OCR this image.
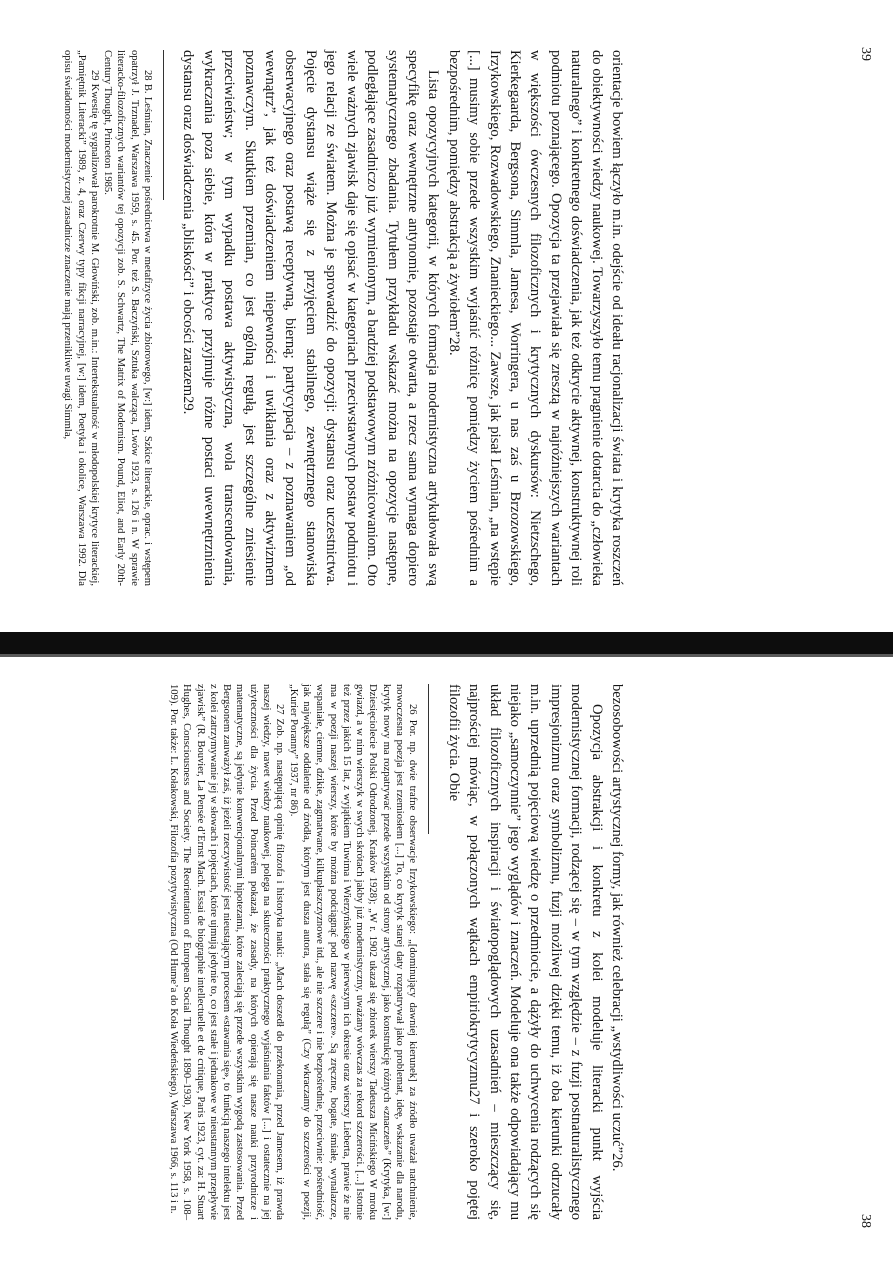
orientacje bowiem łączyło m.in. odejście od ideału racjonalizacji świata i krytyka roszczeń do obiektywności wiedzy naukowej. Towarzyszyło temu pragnienie dotarcia do „człowieka naturalnego” i konkretnego doświadczenia, jak też odkrycie aktywnej, konstruktywnej roli podmiotu poznającego. Opozycja ta przejawiała się zresztą w najróżniejszych wariantach w większości ówczesnych filozoficznych i krytycznych dyskursów: Nietzschego, Kierkegaarda, Bergsona, Simmla, Jamesa, Worringera, u nas zaś u Brzozowskiego, Irzykowskiego, Rozwadowskiego, Znanieckiego... Zawsze, jak pisał Leśmian, „na wstępie [...] musimy sobie przede wszystkim wyjaśnić różnicę pomiędzy życiem pośrednim a bezpośrednim, pomiędzy abstrakcją a żywiołem”28.

Lista opozycyjnych kategorii, w których formacja modernistyczna artykułowała swą specyfikę oraz wewnętrzne antynomie, pozostaje otwarta, a rzecz sama wymaga dopiero systematycznego zbadania. Tytułem przykładu wskazać można na opozycje następne, podległające zasadniczo już wymienionym, a bardziej podstawowym zróżnicowaniom. Oto wiele ważnych zjawisk daje się opisać w kategoriach przeciwstawnych postaw podmiotu i jego relacji ze światem. Można je sprowadzić do opozycji: dystansu oraz uczestnictwa. Pojęcie dystansu wiąże się z przyjęciem stabilnego, zewnętrznego stanowiska obserwacyjnego oraz postawą receptywną, bierną; partycypacja – z poznawaniem „od wewnątrz”, jak też doświadczeniem niepewności i uwikłania oraz z aktywizmem poznawczym. Skutkiem przemian, co jest ogólną regułą, jest szczególne zniesienie przeciwieństw; w tym wypadku postawa aktywistyczna, wola transcendowania, wykraczania poza siebie, która w praktyce przyjmuje różne postaci uwewnętrznienia dystansu oraz doświadczenia „bliskości” i obcości zarazem29.

28 B. Leśmian, Znaczenie pośrednictwa w metafizyce życia zbiorowego, [w:] idem, Szkice literackie, oprac. i wstępem opatrzył J. Trznadel, Warszawa 1959, s. 45. Por. też S. Baczyński, Sztuka walcząca, Lwów 1923, s. 126 i n. W sprawie literacko-filozoficznych wariantów tej opozycji zob. S. Schwartz, The Matrix of Modernism. Pound, Eliot, and Early 20th-Century Thought, Princeton 1985.

29 Kwestię tę sygnalizował parokrotnie M. Głowiński, zob. m.in.: Intertekstualność w młodopolskiej krytyce literackiej, „Pamiętnik Literacki” 1989, z. 4, oraz Czerwy typy fikcji narracyjnej, [w:] idem, Poetyka i okolice, Warszawa 1992. Dla opisu świadomości modernistycznej zasadnicze znaczenie mają przenikliwe uwagi Simmla,

bezosobowości artystycznej formy, jak również celebracji „wstydliwości uczuć”26.

Opozycja abstrakcji i konkretu z kolei modeluje literacki punkt wyjścia modernistycznej formacji, rodzącej się – w tym względzie – z fuzji postnaturalistycznego impresjonizmu oraz symbolizmu, fuzji możliwej dzięki temu, iż oba kierunki odrzucały m.in. uprzednią pojęciową wiedzę o przedmiocie, a dążyły do uchwycenia rodzących się niejako „samoczynnie” jego wyglądów i znaczeń. Modeluje ona także odpowiadający mu układ filozoficznych inspiracji i światopoglądowych uzasadnień – mieszczący się, najprościej mówiąc, w połączonych wątkach empiriokrytycyzmu27 i szeroko pojętej filozofii życia. Obie

26 Por. np. dwie trafne obserwacje Irzykowskiego: „[dominujący dawniej kierunek] za źródło uważał natchnienie, nowoczesna poezja jest rzemiosłem [...] To, co krytyk starej daty rozpatrywał jako problemat, ideę, wskazanie dla narodu, krytyk nowy ma rozpatrywać przede wszystkim od strony artystycznej, jako konstrukcję różnych «znaczeń»” (Krytyka, [w:] Dziesięciolecie Polski Odrodzonej, Kraków 1928); „W r. 1902 ukazał się zbiorek wierszy Tadeusza Micińskiego W mroku gwiazd, a w nim wierszyk w swych skrótach jakby już modernistyczny, uważany wówczas za rekord szczerości. [...] Istotnie też przez jakich 15 lat, z wyjątkiem Tuwima i Wierzyńskiego w pierwszym ich okresie oraz wierszy Lieberta, prawie że nie ma w poezji naszej wierszy, które by można podciągnąć pod nazwę «szczere». Są zręczne, bogate, śmiałe, wynalazcze, wspaniałe, ciemne, dzikie, zagmatwane, kilkupłaszczyznowe itd., ale nie szczere i nie bezpośrednie, przeciwnie: pośredniość, jak największe oddalenie od źródła, którym jest dusza autora, stała się regułą” (Czy wkraczamy do szczerości w poezji, „Kurier Poranny” 1937, nr 86).

27 Zob. np. następującą opinię filozofa i historyka nauki: „Mach doszedł do przekonania, przed Jamesem, iż prawda naszej wiedzy, nawet wiedzy naukowej, polega na skuteczności praktycznego wyjaśniania faktów [...] i ostatecznie na jej użyteczności dla życia. Przed Poincarém pokazał, że zasady, na których opierają się nasze nauki przyrodnicze i matematyczne, są jedynie konwencjonalnymi hipotezami, które zaleciają się przede wszystkim wygodą zastosowania. Przed Bergsonem zauważył zaś, iż jeżeli rzeczywistość jest nieustającym procesem «stawania się», to funkcją naszego intelektu jest z kolei zatrzymywanie jej w słowach i pojęciach, które ujmują jedynie to, co jest stałe i jednakowe w nieustannym przepływie zjawisk” (R. Bouvier, La Pensée d’Ernst Mach. Essai de biographie intellectuelle et de critique, Paris 1923, cyt. za: H. Stuart Hughes, Consciousness and Society. The Reorientation of European Social Thought 1890–1930, New York 1958, s. 108–109). Por. także: L. Kołakowski, Filozofia pozytywistyczna (Od Hume’a do Koła Wiedeńskiego), Warszawa 1966, s. 113 i n.

39
38
